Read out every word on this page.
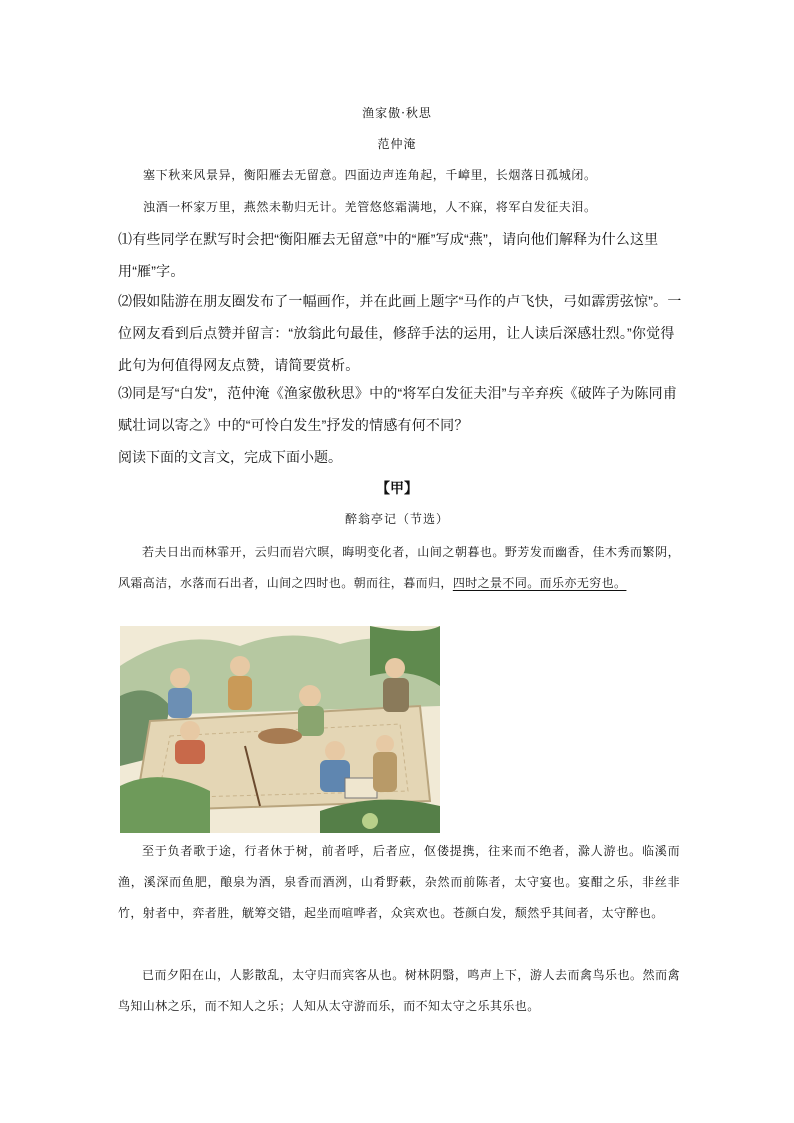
渔家傲·秋思
范仲淹
塞下秋来风景异，衡阳雁去无留意。四面边声连角起，千嶂里，长烟落日孤城闭。
浊酒一杯家万里，燕然未勒归无计。羌管悠悠霜满地，人不寐，将军白发征夫泪。
⑴有些同学在默写时会把“衡阳雁去无留意”中的“雁”写成“燕”，请向他们解释为什么这里用“雁”字。
⑵假如陆游在朋友圈发布了一幅画作，并在此画上题字“马作的卢飞快，弓如霹雳弦惊”。一位网友看到后点赞并留言：“放翁此句最佳，修辞手法的运用，让人读后深感壮烈。”你觉得此句为何值得网友点赞，请简要赏析。
⑶同是写“白发”，范仲淹《渔家傲秋思》中的“将军白发征夫泪”与辛弃疾《破阵子为陈同甫赋壮词以寄之》中的“可怜白发生”抒发的情感有何不同？
阅读下面的文言文，完成下面小题。
【甲】
醉翁亭记（节选）
若夫日出而林霏开，云归而岩穴暝，晦明变化者，山间之朝暮也。野芳发而幽香，佳木秀而繁阴，风霜高洁，水落而石出者，山间之四时也。朝而往，暮而归，四时之景不同。而乐亦无穷也。
至于负者歌于途，行者休于树，前者呼，后者应，伛偻提携，往来而不绝者，滁人游也。临溪而渔，溪深而鱼肥，酿泉为酒，泉香而酒洌，山肴野蔌，杂然而前陈者，太守宴也。宴酣之乐，非丝非竹，射者中，弈者胜，觥筹交错，起坐而喧哗者，众宾欢也。苍颜白发，颓然乎其间者，太守醉也。
已而夕阳在山，人影散乱，太守归而宾客从也。树林阴翳，鸣声上下，游人去而禽鸟乐也。然而禽鸟知山林之乐，而不知人之乐；人知从太守游而乐，而不知太守之乐其乐也。
